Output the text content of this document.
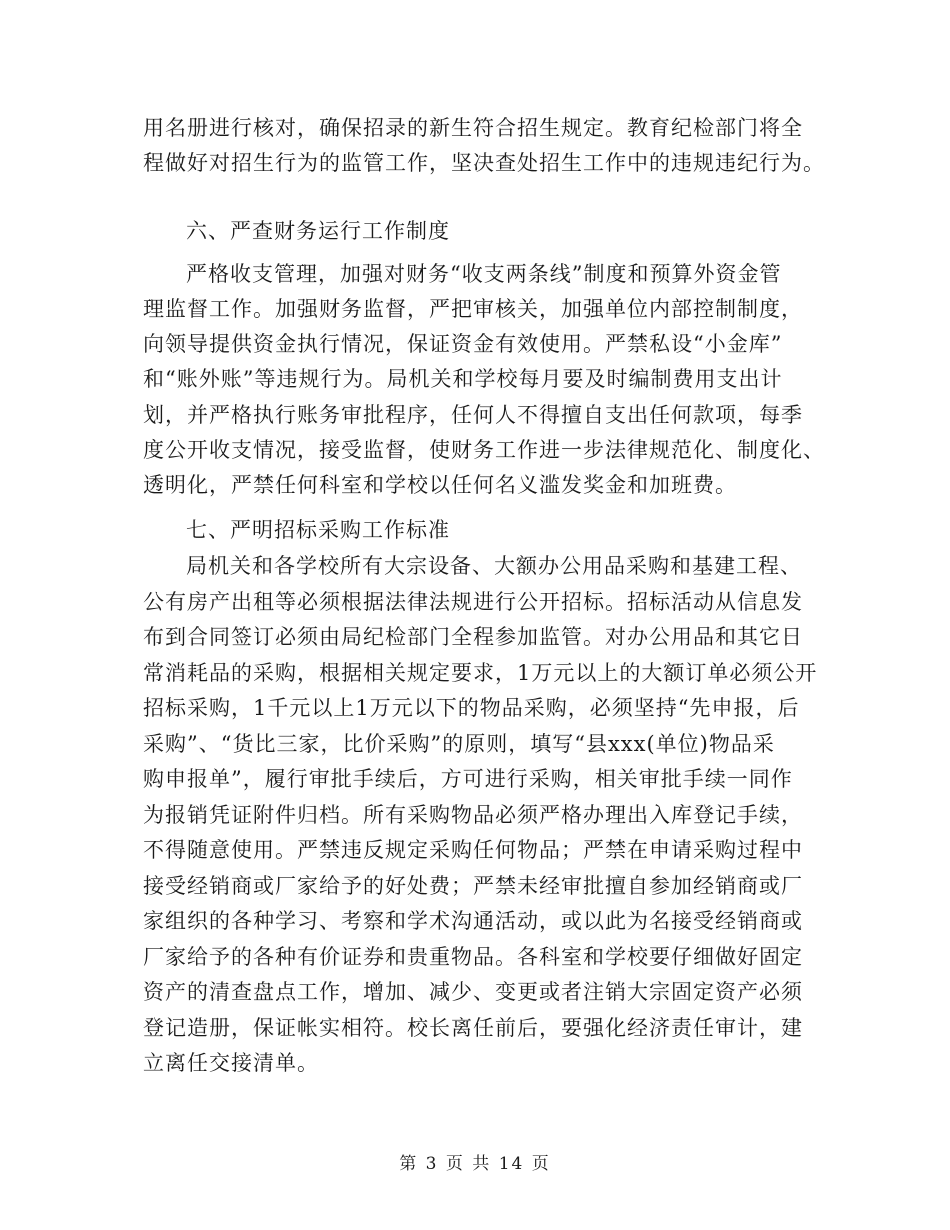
用名册进行核对，确保招录的新生符合招生规定。教育纪检部门将全
程做好对招生行为的监管工作，坚决查处招生工作中的违规违纪行为。
六、严查财务运行工作制度
严格收支管理，加强对财务“收支两条线”制度和预算外资金管
理监督工作。加强财务监督，严把审核关，加强单位内部控制制度，
向领导提供资金执行情况，保证资金有效使用。严禁私设“小金库”
和“账外账”等违规行为。局机关和学校每月要及时编制费用支出计
划，并严格执行账务审批程序，任何人不得擅自支出任何款项，每季
度公开收支情况，接受监督，使财务工作进一步法律规范化、制度化、
透明化，严禁任何科室和学校以任何名义滥发奖金和加班费。
七、严明招标采购工作标准
局机关和各学校所有大宗设备、大额办公用品采购和基建工程、
公有房产出租等必须根据法律法规进行公开招标。招标活动从信息发
布到合同签订必须由局纪检部门全程参加监管。对办公用品和其它日
常消耗品的采购，根据相关规定要求，1万元以上的大额订单必须公开
招标采购，1千元以上1万元以下的物品采购，必须坚持“先申报，后
采购”、“货比三家，比价采购”的原则，填写“县xxx(单位)物品采
购申报单”，履行审批手续后，方可进行采购，相关审批手续一同作
为报销凭证附件归档。所有采购物品必须严格办理出入库登记手续，
不得随意使用。严禁违反规定采购任何物品；严禁在申请采购过程中
接受经销商或厂家给予的好处费；严禁未经审批擅自参加经销商或厂
家组织的各种学习、考察和学术沟通活动，或以此为名接受经销商或
厂家给予的各种有价证券和贵重物品。各科室和学校要仔细做好固定
资产的清查盘点工作，增加、减少、变更或者注销大宗固定资产必须
登记造册，保证帐实相符。校长离任前后，要强化经济责任审计，建
立离任交接清单。
第 3 页 共 14 页
